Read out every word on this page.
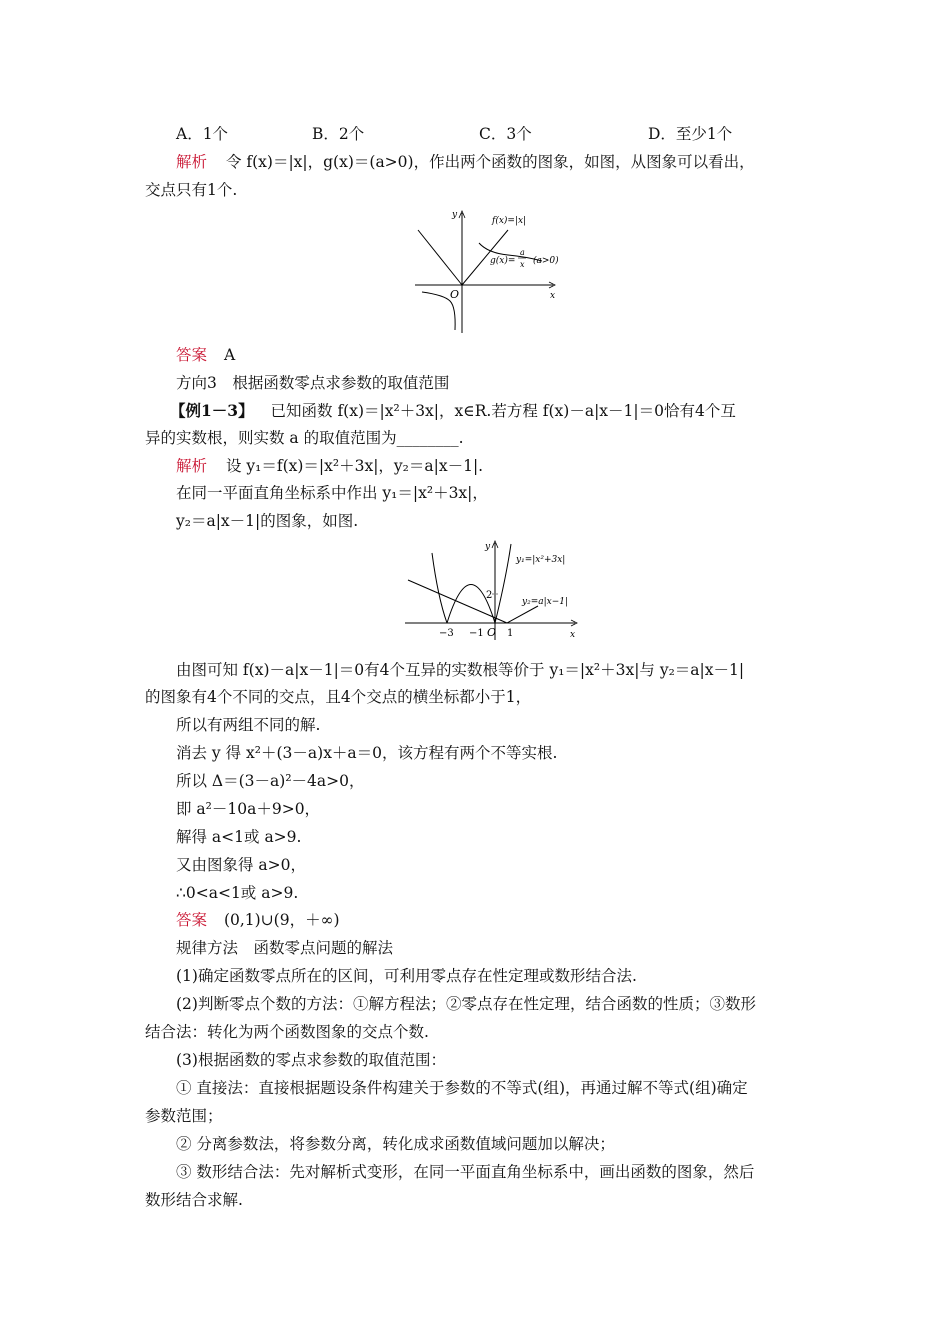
A．1个	B．2个	C．3个	D．至少1个
解析 令 f(x)＝|x|，g(x)＝(a>0)，作出两个函数的图象，如图，从图象可以看出，
交点只有1个.
y
x
O
f(x)=|x|
g(x)=
a
x (a>0)
答案 A
方向3　根据函数零点求参数的取值范围
【例1－3】 已知函数 f(x)＝|x²＋3x|，x∈R.若方程 f(x)－a|x－1|＝0恰有4个互
异的实数根，则实数 a 的取值范围为________.
解析 设 y₁＝f(x)＝|x²＋3x|，y₂＝a|x－1|.
在同一平面直角坐标系中作出 y₁＝|x²＋3x|，
y₂＝a|x－1|的图象，如图.
y
x
O
y₁=|x²+3x|
y₂=a|x−1|
−3 −1 1
2
由图可知 f(x)－a|x－1|＝0有4个互异的实数根等价于 y₁＝|x²＋3x|与 y₂＝a|x－1|
的图象有4个不同的交点，且4个交点的横坐标都小于1，
所以有两组不同的解.
消去 y 得 x²＋(3－a)x＋a＝0，该方程有两个不等实根.
所以 Δ＝(3－a)²－4a>0，
即 a²－10a＋9>0，
解得 a<1或 a>9.
又由图象得 a>0，
∴0<a<1或 a>9.
答案 (0,1)∪(9，＋∞)
规律方法　函数零点问题的解法
(1)确定函数零点所在的区间，可利用零点存在性定理或数形结合法.
(2)判断零点个数的方法：①解方程法；②零点存在性定理，结合函数的性质；③数形
结合法：转化为两个函数图象的交点个数.
(3)根据函数的零点求参数的取值范围：
① 直接法：直接根据题设条件构建关于参数的不等式(组)，再通过解不等式(组)确定
参数范围；
② 分离参数法，将参数分离，转化成求函数值域问题加以解决；
③ 数形结合法：先对解析式变形，在同一平面直角坐标系中，画出函数的图象，然后
数形结合求解.
